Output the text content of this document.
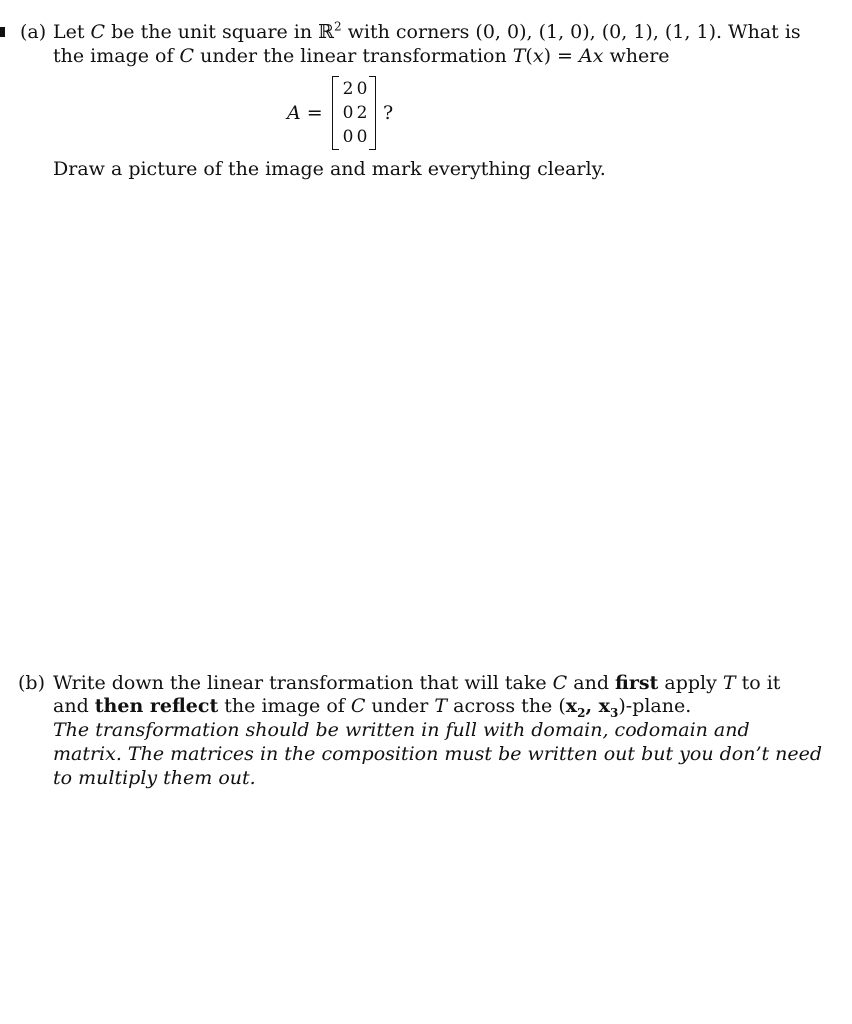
(a) Let C be the unit square in ℝ$^2$ with corners (0, 0), (1, 0), (0, 1), (1, 1). What is
the image of C under the linear transformation T(x) = Ax where
A =
2 0
0 2
0 0
?
Draw a picture of the image and mark everything clearly.
(b) Write down the linear transformation that will take C and first apply T to it
and then reflect the image of C under T across the ($x_2$, $x_3$)-plane.
The transformation should be written in full with domain, codomain and
matrix. The matrices in the composition must be written out but you don’t need
to multiply them out.
